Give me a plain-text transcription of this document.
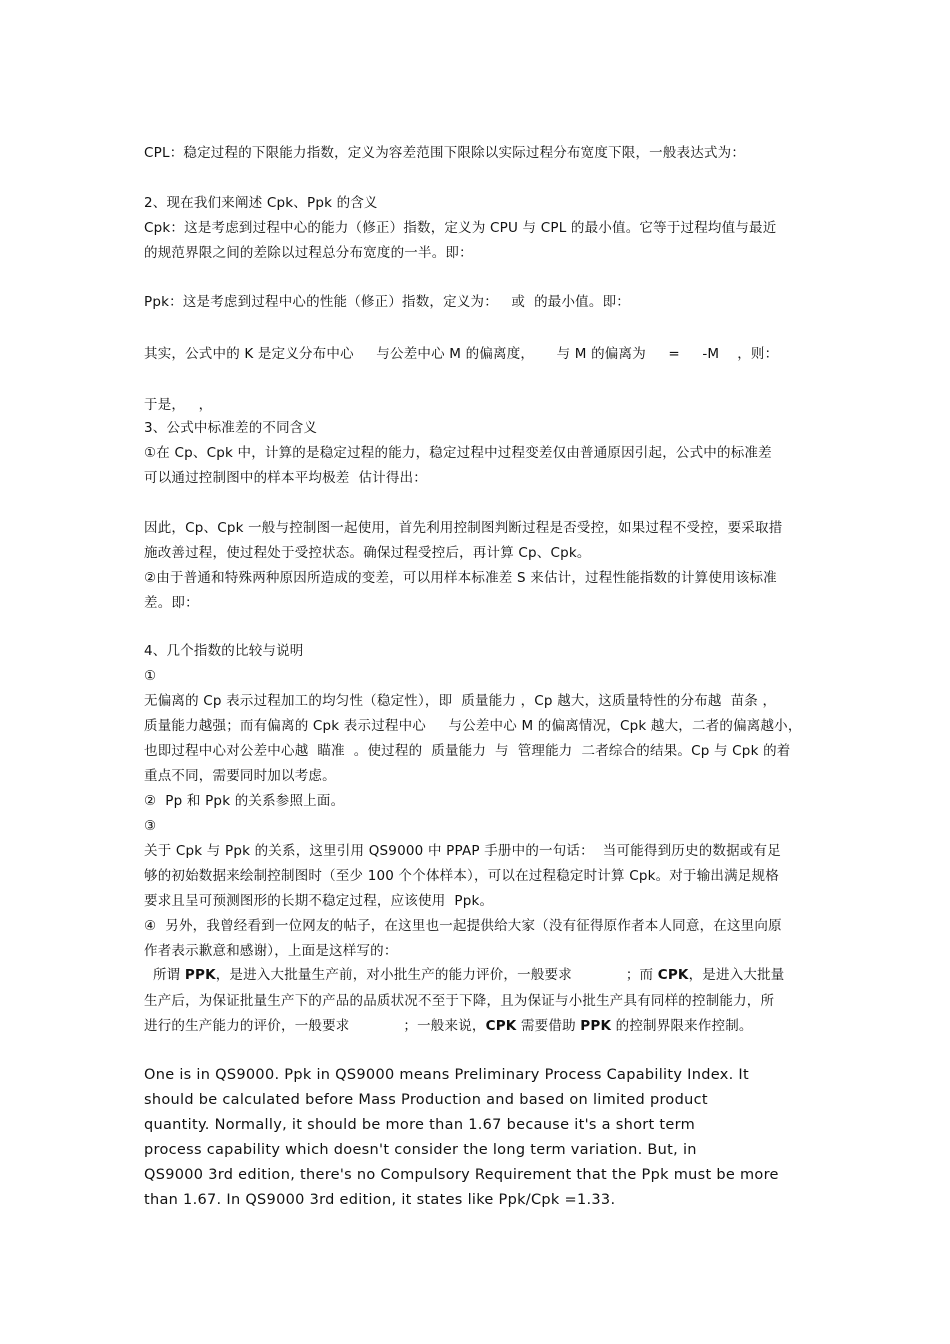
CPL：稳定过程的下限能力指数，定义为容差范围下限除以实际过程分布宽度下限，一般表达式为：
2、现在我们来阐述 Cpk、Ppk 的含义
Cpk：这是考虑到过程中心的能力（修正）指数，定义为 CPU 与 CPL 的最小值。它等于过程均值与最近
的规范界限之间的差除以过程总分布宽度的一半。即：
Ppk：这是考虑到过程中心的性能（修正）指数，定义为：   或  的最小值。即：
其实，公式中的 K 是定义分布中心     与公差中心 M 的偏离度，     与 M 的偏离为     =     -M    ，则：
于是，   ，
3、公式中标准差的不同含义
①在 Cp、Cpk 中，计算的是稳定过程的能力，稳定过程中过程变差仅由普通原因引起，公式中的标准差
可以通过控制图中的样本平均极差  估计得出：
因此，Cp、Cpk 一般与控制图一起使用，首先利用控制图判断过程是否受控，如果过程不受控，要采取措
施改善过程，使过程处于受控状态。确保过程受控后，再计算 Cp、Cpk。
②由于普通和特殊两种原因所造成的变差，可以用样本标准差 S 来估计，过程性能指数的计算使用该标准
差。即：
4、几个指数的比较与说明
①
无偏离的 Cp 表示过程加工的均匀性（稳定性），即  质量能力 ，Cp 越大，这质量特性的分布越  苗条 ，
质量能力越强；而有偏离的 Cpk 表示过程中心     与公差中心 M 的偏离情况，Cpk 越大，二者的偏离越小，
也即过程中心对公差中心越  瞄准  。使过程的  质量能力  与  管理能力  二者综合的结果。Cp 与 Cpk 的着
重点不同，需要同时加以考虑。
②  Pp 和 Ppk 的关系参照上面。
③
关于 Cpk 与 Ppk 的关系，这里引用 QS9000 中 PPAP 手册中的一句话：  当可能得到历史的数据或有足
够的初始数据来绘制控制图时（至少 100 个个体样本），可以在过程稳定时计算 Cpk。对于输出满足规格
要求且呈可预测图形的长期不稳定过程，应该使用  Ppk。
④  另外，我曾经看到一位网友的帖子，在这里也一起提供给大家（没有征得原作者本人同意，在这里向原
作者表示歉意和感谢），上面是这样写的：
所谓 PPK，是进入大批量生产前，对小批生产的能力评价，一般要求            ；而 CPK，是进入大批量
生产后，为保证批量生产下的产品的品质状况不至于下降，且为保证与小批生产具有同样的控制能力，所
进行的生产能力的评价，一般要求            ；一般来说，CPK 需要借助 PPK 的控制界限来作控制。
One is in QS9000. Ppk in QS9000 means Preliminary Process Capability Index. It
should be calculated before Mass Production and based on limited product
quantity. Normally, it should be more than 1.67 because it's a short term
process capability which doesn't consider the long term variation. But, in
QS9000 3rd edition, there's no Compulsory Requirement that the Ppk must be more
than 1.67. In QS9000 3rd edition, it states like Ppk/Cpk =1.33.
